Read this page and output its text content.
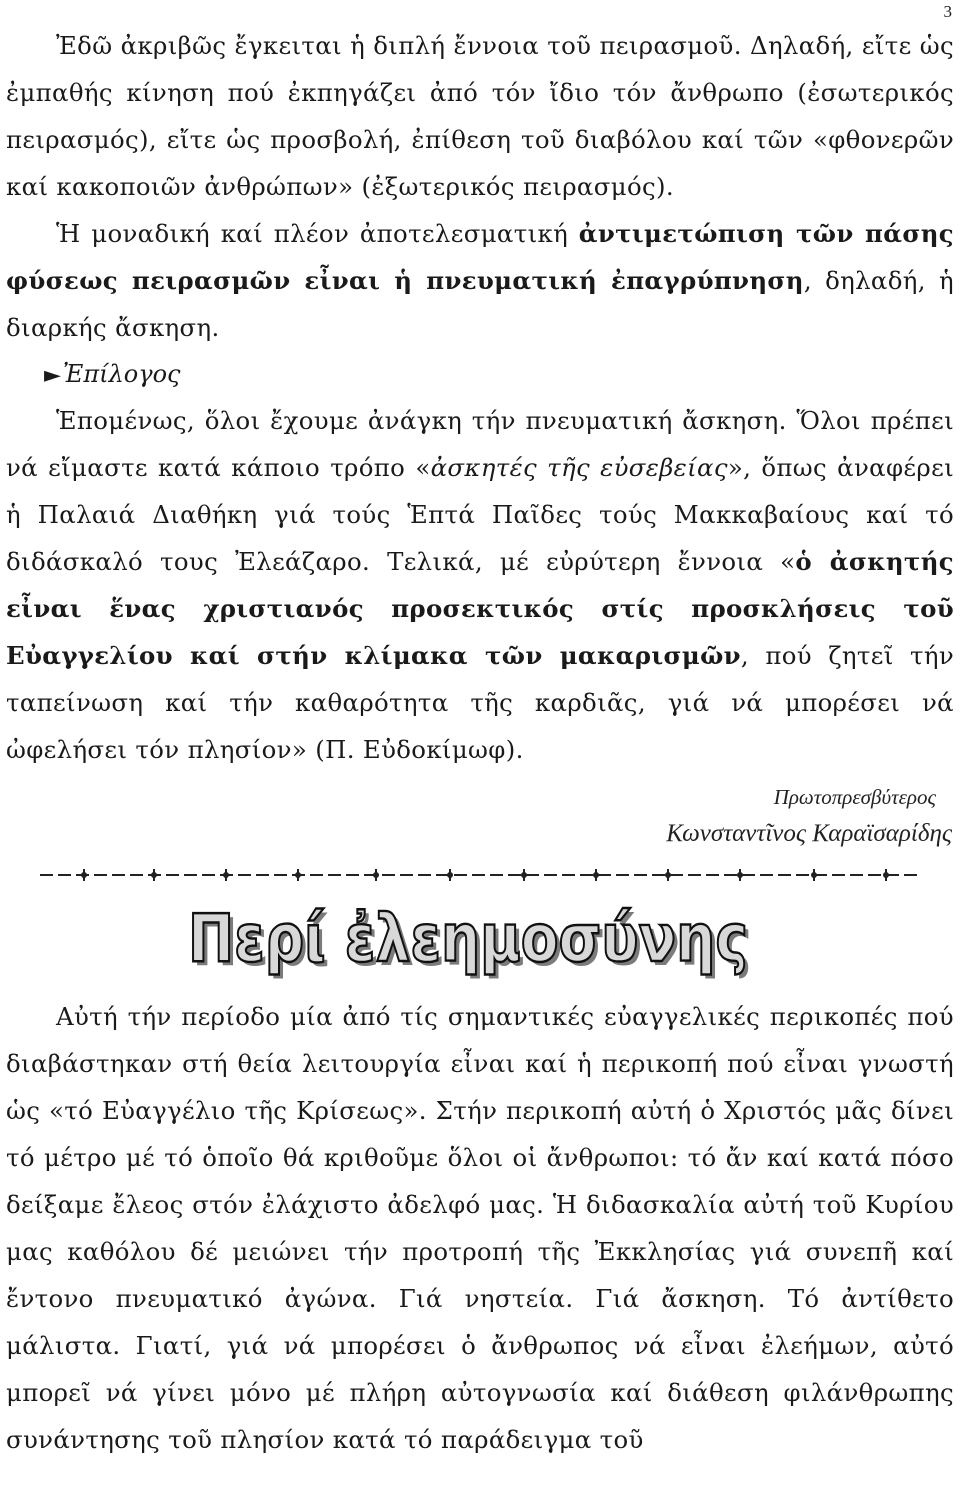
3

Ἐδῶ ἀκριβῶς ἔγκειται ἡ διπλή ἔννοια τοῦ πειρασμοῦ. Δηλαδή, εἴτε ὡς ἐμπαθής κίνηση πού ἐκπηγάζει ἀπό τόν ἴδιο τόν ἄνθρωπο (ἐσωτερικός πειρασμός), εἴτε ὡς προσβολή, ἐπίθεση τοῦ διαβόλου καί τῶν «φθονερῶν καί κακοποιῶν ἀνθρώπων» (ἐξωτερικός πειρασμός).

Ἡ μοναδική καί πλέον ἀποτελεσματική ἀντιμετώπιση τῶν πάσης φύσεως πειρασμῶν εἶναι ἡ πνευματική ἐπαγρύπνηση, δηλαδή, ἡ διαρκής ἄσκηση.

►Ἐπίλογος

Ἑπομένως, ὅλοι ἔχουμε ἀνάγκη τήν πνευματική ἄσκηση. Ὅλοι πρέπει νά εἴμαστε κατά κάποιο τρόπο «ἀσκητές τῆς εὐσεβείας», ὅπως ἀναφέρει ἡ Παλαιά Διαθήκη γιά τούς Ἑπτά Παῖδες τούς Μακκαβαίους καί τό διδάσκαλό τους Ἐλεάζαρο. Τελικά, μέ εὐρύτερη ἔννοια «ὁ ἀσκητής εἶναι ἕνας χριστιανός προσεκτικός στίς προσκλήσεις τοῦ Εὐαγγελίου καί στήν κλίμακα τῶν μακαρισμῶν, πού ζητεῖ τήν ταπείνωση καί τήν καθαρότητα τῆς καρδιᾶς, γιά νά μπορέσει νά ὠφελήσει τόν πλησίον» (Π. Εὐδοκίμωφ).

Πρωτοπρεσβύτερος
Κωνσταντῖνος Καραϊσαρίδης
Περί ἐλεημοσύνης
Περί ἐλεημοσύνης

Αὐτή τήν περίοδο μία ἀπό τίς σημαντικές εὐαγγελικές περικοπές πού διαβάστηκαν στή θεία λειτουργία εἶναι καί ἡ περικοπή πού εἶναι γνωστή ὡς «τό Εὐαγγέλιο τῆς Κρίσεως». Στήν περικοπή αὐτή ὁ Χριστός μᾶς δίνει τό μέτρο μέ τό ὁποῖο θά κριθοῦμε ὅλοι οἱ ἄνθρωποι: τό ἄν καί κατά πόσο δείξαμε ἔλεος στόν ἐλάχιστο ἀδελφό μας. Ἡ διδασκαλία αὐτή τοῦ Κυρίου μας καθόλου δέ μειώνει τήν προτροπή τῆς Ἐκκλησίας γιά συνεπῆ καί ἔντονο πνευματικό ἀγώνα. Γιά νηστεία. Γιά ἄσκηση. Τό ἀντίθετο μάλιστα. Γιατί, γιά νά μπορέσει ὁ ἄνθρωπος νά εἶναι ἐλεήμων, αὐτό μπορεῖ νά γίνει μόνο μέ πλήρη αὐτογνωσία καί διάθεση φιλάνθρωπης συνάντησης τοῦ πλησίον κατά τό παράδειγμα τοῦ
